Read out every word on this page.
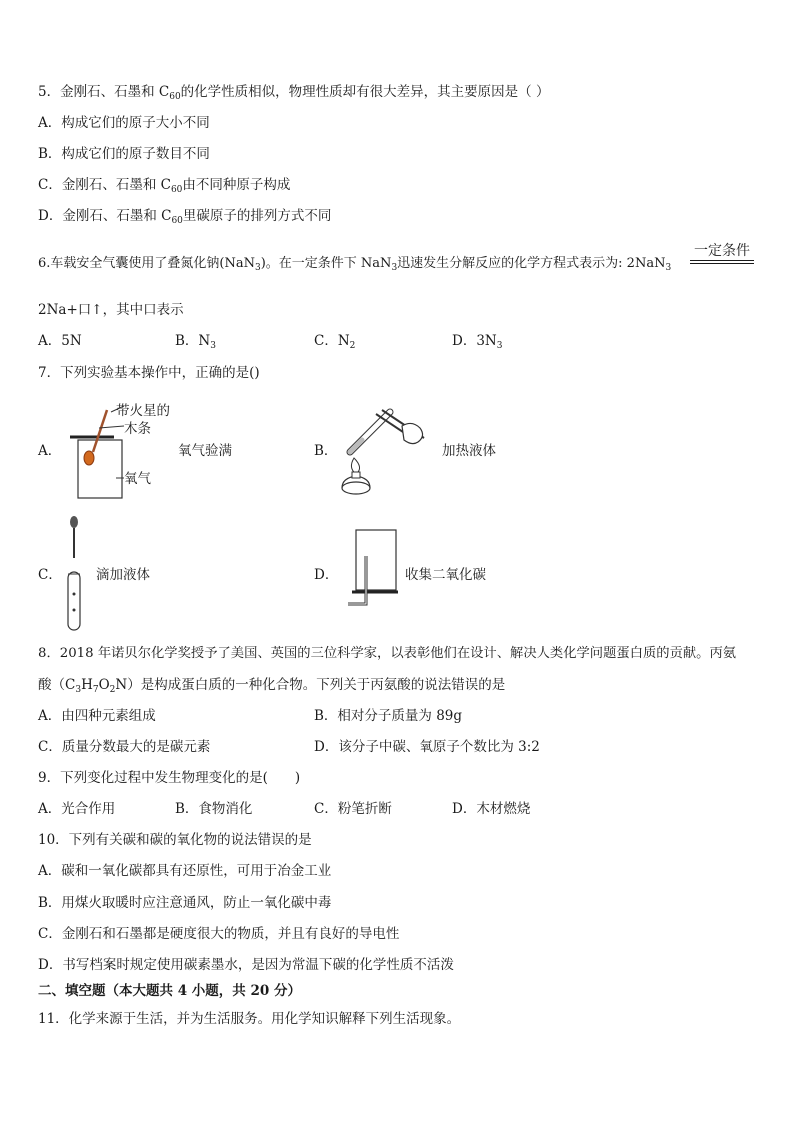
5．金刚石、石墨和 $C_{60}$的化学性质相似，物理性质却有很大差异，其主要原因是（ ）
A．构成它们的原子大小不同
B．构成它们的原子数目不同
C．金刚石、石墨和 $C_{60}$由不同种原子构成
D．金刚石、石墨和 $C_{60}$里碳原子的排列方式不同
6.车载安全气囊使用了叠氮化钠(NaN$_3$)。在一定条件下 NaN$_3$迅速发生分解反应的化学方程式表示为: 2NaN$_3$
一定条件
2Na+口↑，其中口表示
A．5N	B．$N_3$	C．$N_2$	D．$3N_3$
7．下列实验基本操作中，正确的是()
A．
带火星的
木条
氧气
氧气验满	B．	加热液体
C．	滴加液体	D．	收集二氧化碳
8．2018 年诺贝尔化学奖授予了美国、英国的三位科学家，以表彰他们在设计、解决人类化学问题蛋白质的贡献。丙氨
酸$(C_3H_7O_2N)$是构成蛋白质的一种化合物。下列关于丙氨酸的说法错误的是
A．由四种元素组成	B．相对分子质量为 89g
C．质量分数最大的是碳元素	D．该分子中碳、氧原子个数比为 3:2
9．下列变化过程中发生物理变化的是(　　)
A．光合作用	B．食物消化	C．粉笔折断	D．木材燃烧
10．下列有关碳和碳的氧化物的说法错误的是
A．碳和一氧化碳都具有还原性，可用于冶金工业
B．用煤火取暖时应注意通风，防止一氧化碳中毒
C．金刚石和石墨都是硬度很大的物质，并且有良好的导电性
D．书写档案时规定使用碳素墨水，是因为常温下碳的化学性质不活泼
二、填空题（本大题共 4 小题，共 20 分）
11．化学来源于生活，并为生活服务。用化学知识解释下列生活现象。
